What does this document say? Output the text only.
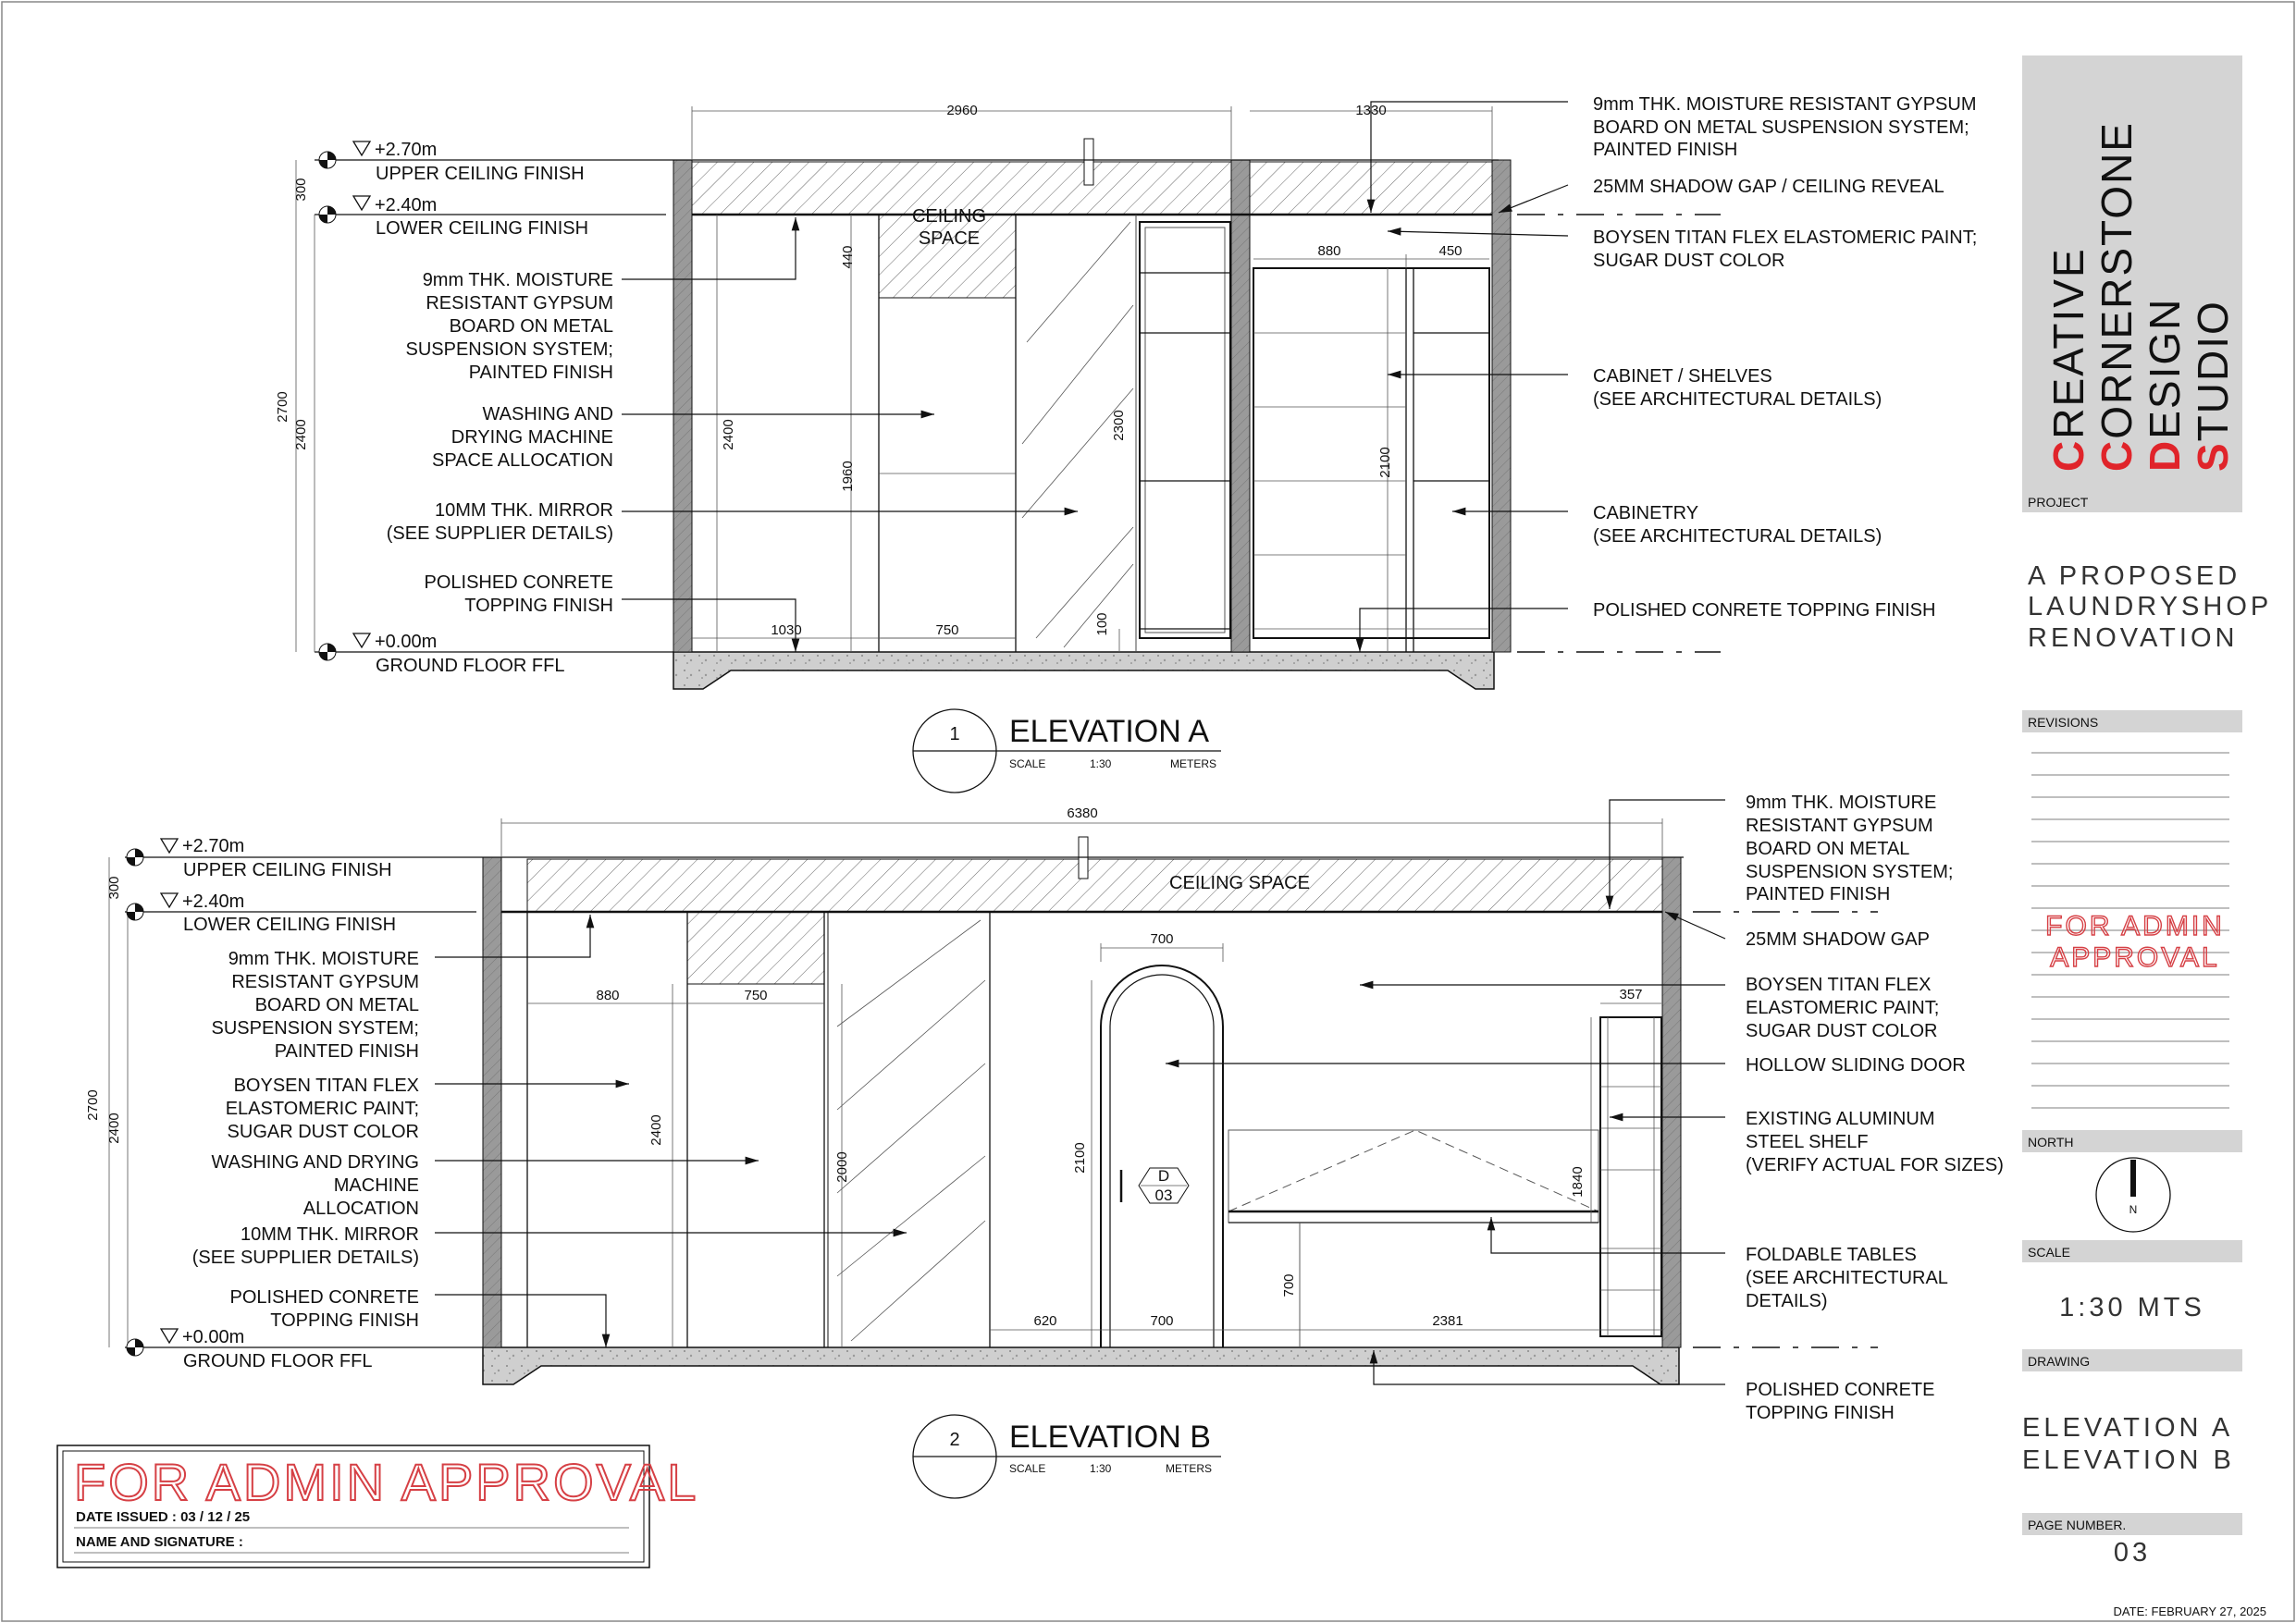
+2.70m
UPPER CEILING FINISH
+2.40m
LOWER CEILING FINISH
+0.00m
GROUND FLOOR FFL
9mm THK. MOISTURE
RESISTANT GYPSUM
BOARD ON METAL
SUSPENSION SYSTEM;
PAINTED FINISH
WASHING AND
DRYING MACHINE
SPACE ALLOCATION
10MM THK. MIRROR
(SEE SUPPLIER DETAILS)
POLISHED CONRETE
TOPPING FINISH
9mm THK. MOISTURE RESISTANT GYPSUM
BOARD ON METAL SUSPENSION SYSTEM;
PAINTED FINISH
25MM SHADOW GAP / CEILING REVEAL
BOYSEN TITAN FLEX ELASTOMERIC PAINT;
SUGAR DUST COLOR
CABINET / SHELVES
(SEE ARCHITECTURAL DETAILS)
CABINETRY
(SEE ARCHITECTURAL DETAILS)
POLISHED CONRETE TOPPING FINISH
CEILING
SPACE
2960	1330
880	450
1030	750
300
2700
2400	2400
440
1960
2300
2100
100
1 ELEVATION A
SCALE	1:30	METERS
+2.70m
UPPER CEILING FINISH
+2.40m
LOWER CEILING FINISH
+0.00m
GROUND FLOOR FFL
9mm THK. MOISTURE
RESISTANT GYPSUM
BOARD ON METAL
SUSPENSION SYSTEM;
PAINTED FINISH
BOYSEN TITAN FLEX
ELASTOMERIC PAINT;
SUGAR DUST COLOR
WASHING AND DRYING
MACHINE
ALLOCATION
10MM THK. MIRROR
(SEE SUPPLIER DETAILS)
POLISHED CONRETE
TOPPING FINISH
9mm THK. MOISTURE
RESISTANT GYPSUM
BOARD ON METAL
SUSPENSION SYSTEM;
PAINTED FINISH
25MM SHADOW GAP
BOYSEN TITAN FLEX
ELASTOMERIC PAINT;
SUGAR DUST COLOR
HOLLOW SLIDING DOOR
EXISTING ALUMINUM
STEEL SHELF
(VERIFY ACTUAL FOR SIZES)
FOLDABLE TABLES
(SEE ARCHITECTURAL
DETAILS)
POLISHED CONRETE
TOPPING FINISH
CEILING SPACE
D
03
6380
700
880	750	357
620	700	2381
300
2700
2400	2400
2000	2100
1840
700
2 ELEVATION B
SCALE	1:30	METERS
FOR ADMIN APPROVAL
DATE ISSUED : 03 / 12 / 25
NAME AND SIGNATURE :
CREATIVE
CORNERSTONE
DESIGN
STUDIO
PROJECT
A PROPOSED
LAUNDRYSHOP
RENOVATION
REVISIONS
FOR ADMIN
APPROVAL
NORTH
N
SCALE
1:30 MTS
DRAWING
ELEVATION A
ELEVATION B
PAGE NUMBER.
03
DATE: FEBRUARY 27, 2025
